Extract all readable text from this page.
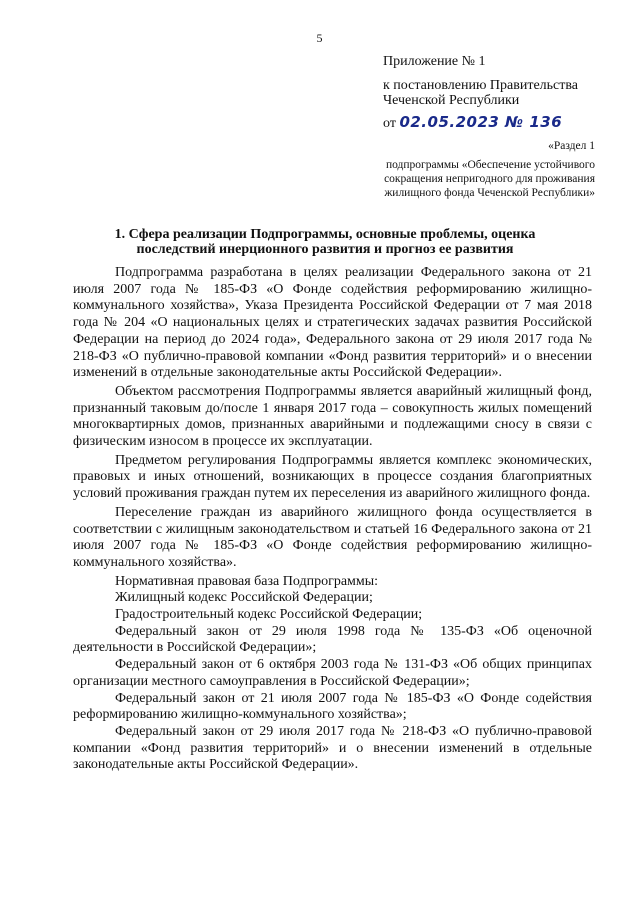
5
Приложение № 1
к постановлению Правительства
Чеченской Республики
от 02.05.2023 № 136
«Раздел 1
подпрограммы «Обеспечение устойчивого сокращения непригодного для проживания жилищного фонда Чеченской Республики»
1. Сфера реализации Подпрограммы, основные проблемы, оценка последствий инерционного развития и прогноз ее развития

Подпрограмма разработана в целях реализации Федерального закона от 21 июля 2007 года № 185-ФЗ «О Фонде содействия реформированию жилищно-коммунального хозяйства», Указа Президента Российской Федерации от 7 мая 2018 года № 204 «О национальных целях и стратегических задачах развития Российской Федерации на период до 2024 года», Федерального закона от 29 июля 2017 года № 218-ФЗ «О публично-правовой компании «Фонд развития территорий» и о внесении изменений в отдельные законодательные акты Российской Федерации».

Объектом рассмотрения Подпрограммы является аварийный жилищный фонд, признанный таковым до/после 1 января 2017 года – совокупность жилых помещений многоквартирных домов, признанных аварийными и подлежащими сносу в связи с физическим износом в процессе их эксплуатации.

Предметом регулирования Подпрограммы является комплекс экономических, правовых и иных отношений, возникающих в процессе создания благоприятных условий проживания граждан путем их переселения из аварийного жилищного фонда.

Переселение граждан из аварийного жилищного фонда осуществляется в соответствии с жилищным законодательством и статьей 16 Федерального закона от 21 июля 2007 года № 185-ФЗ «О Фонде содействия реформированию жилищно-коммунального хозяйства».

Нормативная правовая база Подпрограммы:

Жилищный кодекс Российской Федерации;

Градостроительный кодекс Российской Федерации;

Федеральный закон от 29 июля 1998 года № 135-ФЗ «Об оценочной деятельности в Российской Федерации»;

Федеральный закон от 6 октября 2003 года № 131-ФЗ «Об общих принципах организации местного самоуправления в Российской Федерации»;

Федеральный закон от 21 июля 2007 года № 185-ФЗ «О Фонде содействия реформированию жилищно-коммунального хозяйства»;

Федеральный закон от 29 июля 2017 года № 218-ФЗ «О публично-правовой компании «Фонд развития территорий» и о внесении изменений в отдельные законодательные акты Российской Федерации».
